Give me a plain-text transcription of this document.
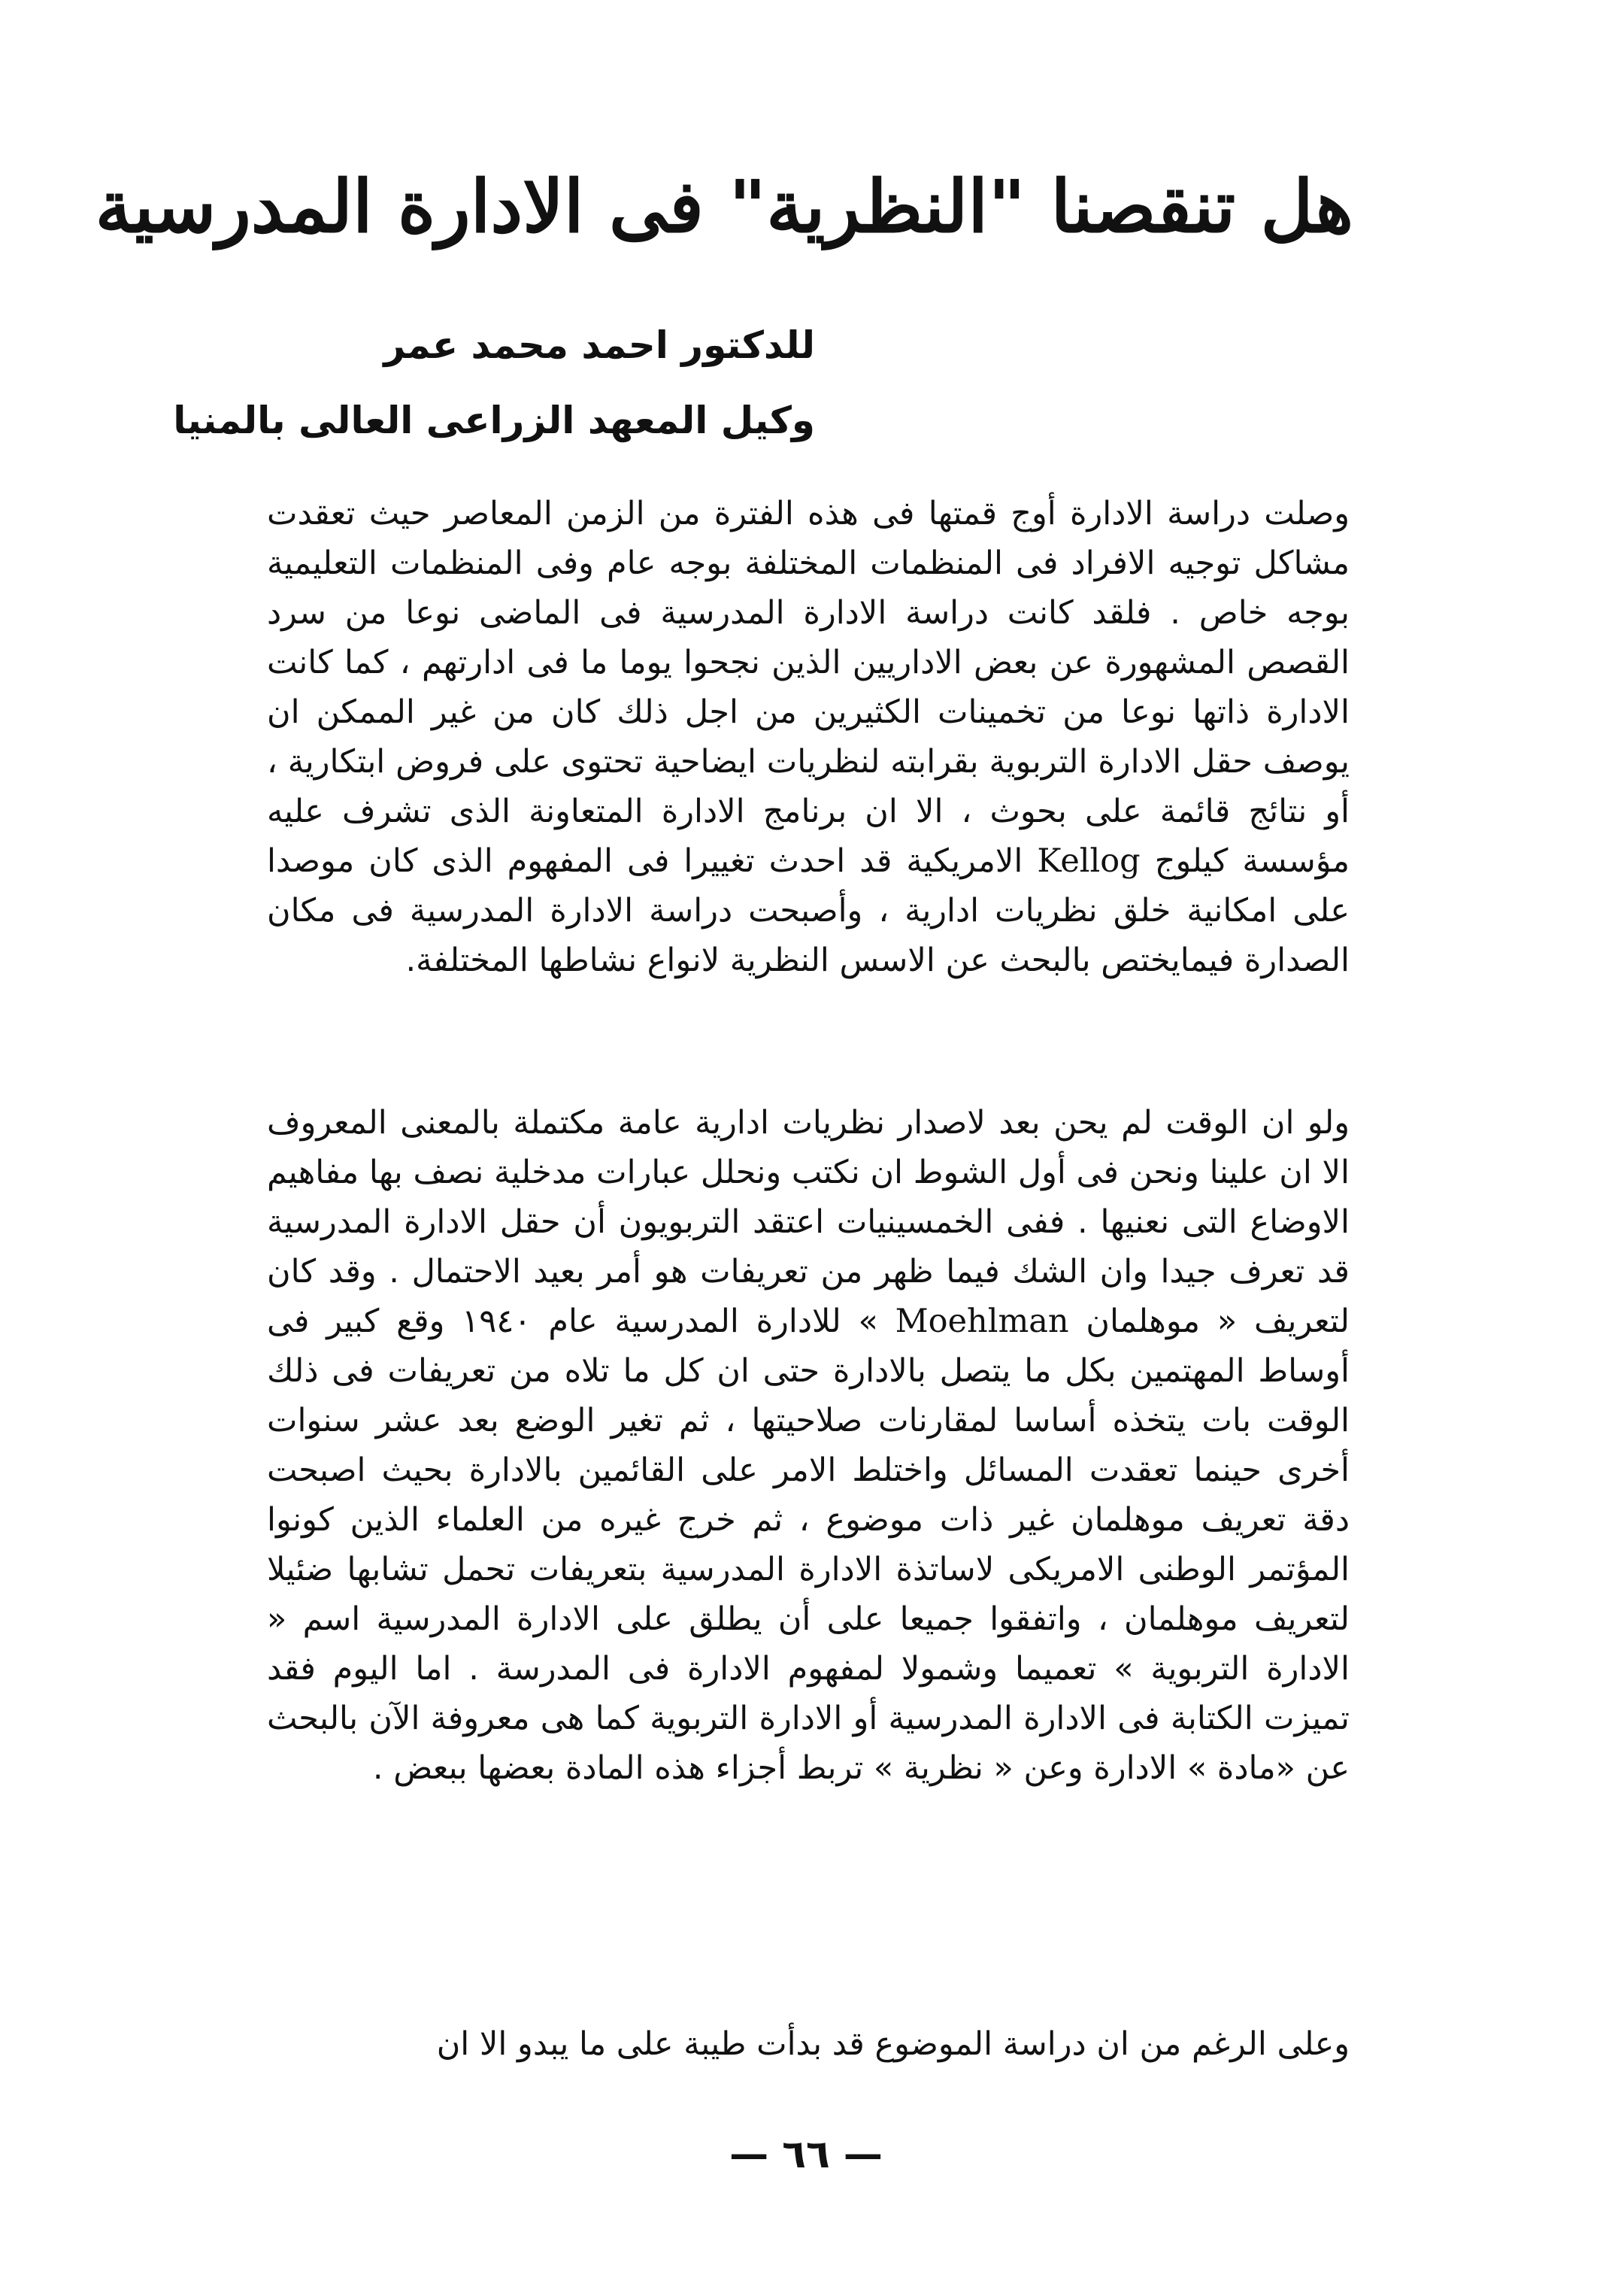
هل تنقصنا "النظرية" فى الادارة المدرسية
للدكتور احمد محمد عمر
وكيل المعهد الزراعى العالى بالمنيا
وصلت دراسة الادارة أوج قمتها فى هذه الفترة من الزمن المعاصر حيث تعقدت مشاكل توجيه الافراد فى المنظمات المختلفة بوجه عام وفى المنظمات التعليمية بوجه خاص . فلقد كانت دراسة الادارة المدرسية فى الماضى نوعا من سرد القصص المشهورة عن بعض الاداريين الذين نجحوا يوما ما فى ادارتهم ، كما كانت الادارة ذاتها نوعا من تخمينات الكثيرين من اجل ذلك كان من غير الممكن ان يوصف حقل الادارة التربوية بقرابته لنظريات ايضاحية تحتوى على فروض ابتكارية ، أو نتائج قائمة على بحوث ، الا ان برنامج الادارة المتعاونة الذى تشرف عليه مؤسسة كيلوج Kellog الامريكية قد احدث تغييرا فى المفهوم الذى كان موصدا على امكانية خلق نظريات ادارية ، وأصبحت دراسة الادارة المدرسية فى مكان الصدارة فيمايختص بالبحث عن الاسس النظرية لانواع نشاطها المختلفة.
ولو ان الوقت لم يحن بعد لاصدار نظريات ادارية عامة مكتملة بالمعنى المعروف الا ان علينا ونحن فى أول الشوط ان نكتب ونحلل عبارات مدخلية نصف بها مفاهيم الاوضاع التى نعنيها . ففى الخمسينيات اعتقد التربويون أن حقل الادارة المدرسية قد تعرف جيدا وان الشك فيما ظهر من تعريفات هو أمر بعيد الاحتمال . وقد كان لتعريف « موهلمان Moehlman » للادارة المدرسية عام ١٩٤٠ وقع كبير فى أوساط المهتمين بكل ما يتصل بالادارة حتى ان كل ما تلاه من تعريفات فى ذلك الوقت بات يتخذه أساسا لمقارنات صلاحيتها ، ثم تغير الوضع بعد عشر سنوات أخرى حينما تعقدت المسائل واختلط الامر على القائمين بالادارة بحيث اصبحت دقة تعريف موهلمان غير ذات موضوع ، ثم خرج غيره من العلماء الذين كونوا المؤتمر الوطنى الامريكى لاساتذة الادارة المدرسية بتعريفات تحمل تشابها ضئيلا لتعريف موهلمان ، واتفقوا جميعا على أن يطلق على الادارة المدرسية اسم « الادارة التربوية » تعميما وشمولا لمفهوم الادارة فى المدرسة . اما اليوم فقد تميزت الكتابة فى الادارة المدرسية أو الادارة التربوية كما هى معروفة الآن بالبحث عن «مادة » الادارة وعن « نظرية » تربط أجزاء هذه المادة بعضها ببعض .
وعلى الرغم من ان دراسة الموضوع قد بدأت طيبة على ما يبدو الا ان
— ٦٦ —
